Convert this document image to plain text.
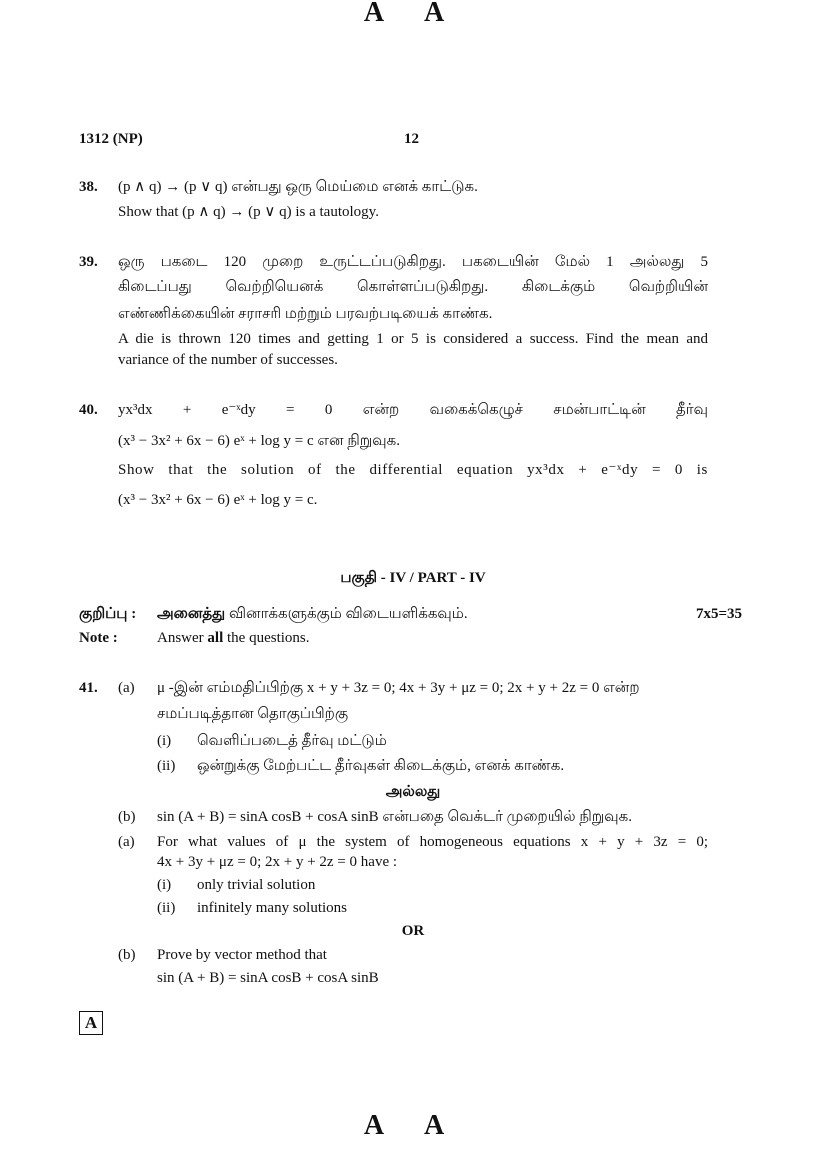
A A
1312 (NP)	12
38. (p ∧ q) → (p ∨ q) என்பது ஒரு மெய்மை எனக் காட்டுக.
Show that (p ∧ q) → (p ∨ q) is a tautology.
39. ஒரு பகடை 120 முறை உருட்டப்படுகிறது. பகடையின் மேல் 1 அல்லது 5
கிடைப்பது வெற்றியெனக் கொள்ளப்படுகிறது. கிடைக்கும் வெற்றியின்
எண்ணிக்கையின் சராசரி மற்றும் பரவற்படியைக் காண்க.
A die is thrown 120 times and getting 1 or 5 is considered a success. Find the mean and
variance of the number of successes.
40. yx³dx + e⁻ˣdy = 0 என்ற வகைக்கெழுச் சமன்பாட்டின் தீர்வு
(x³ − 3x² + 6x − 6) eˣ + log y = c என நிறுவுக.
Show that the solution of the differential equation yx³dx + e⁻ˣdy = 0 is
(x³ − 3x² + 6x − 6) eˣ + log y = c.
பகுதி - IV / PART - IV
குறிப்பு : அனைத்து வினாக்களுக்கும் விடையளிக்கவும்.	7x5=35
Note :	Answer all the questions.
41. (a) μ -இன் எம்மதிப்பிற்கு x + y + 3z = 0; 4x + 3y + μz = 0; 2x + y + 2z = 0 என்ற
சமப்படித்தான தொகுப்பிற்கு
(i) வெளிப்படைத் தீர்வு மட்டும்
(ii) ஒன்றுக்கு மேற்பட்ட தீர்வுகள் கிடைக்கும், எனக் காண்க.
அல்லது
(b) sin (A + B) = sinA cosB + cosA sinB என்பதை வெக்டர் முறையில் நிறுவுக.
(a) For what values of μ the system of homogeneous equations x + y + 3z = 0;
4x + 3y + μz = 0; 2x + y + 2z = 0 have :
(i) only trivial solution
(ii) infinitely many solutions
OR
(b) Prove by vector method that
sin (A + B) = sinA cosB + cosA sinB
A
A A
